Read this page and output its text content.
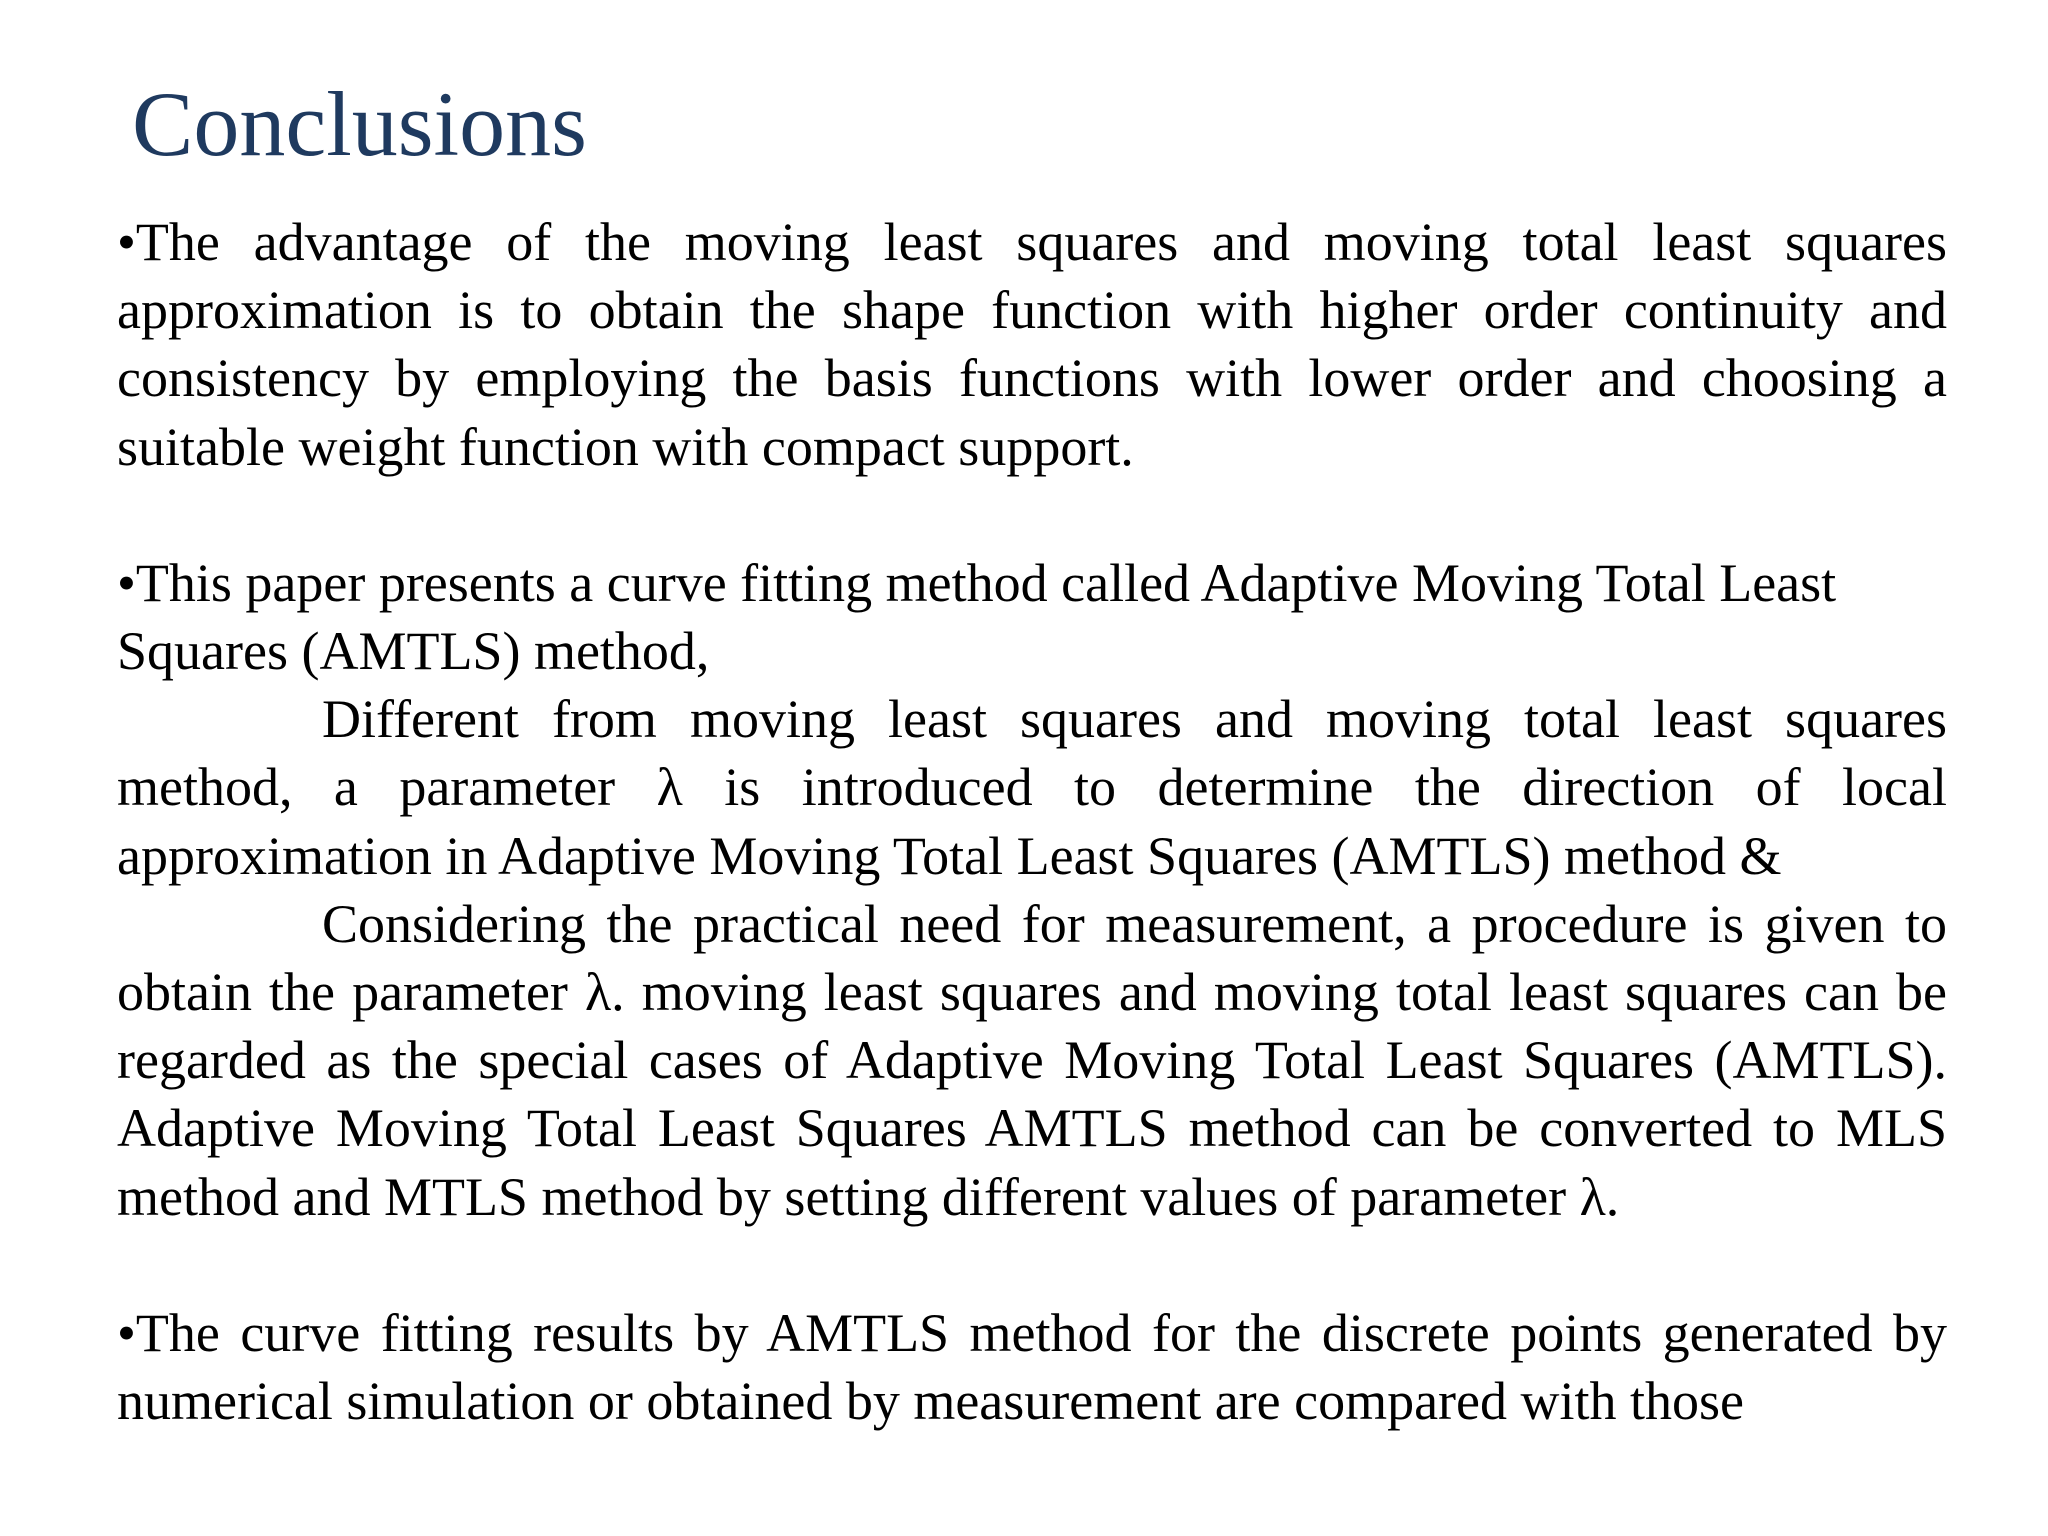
Conclusions

•The advantage of the moving least squares and moving total least squares approximation is to obtain the shape function with higher order continuity and consistency by employing the basis functions with lower order and choosing a suitable weight function with compact support.

•This paper presents a curve fitting method called Adaptive Moving Total Least Squares (AMTLS) method,

Different from moving least squares and moving total least squares method, a parameter λ is introduced to determine the direction of local approximation in Adaptive Moving Total Least Squares (AMTLS) method &

Considering the practical need for measurement, a procedure is given to obtain the parameter λ. moving least squares and moving total least squares can be regarded as the special cases of Adaptive Moving Total Least Squares (AMTLS). Adaptive Moving Total Least Squares AMTLS method can be converted to MLS method and MTLS method by setting different values of parameter λ.

•The curve fitting results by AMTLS method for the discrete points generated by numerical simulation or obtained by measurement are compared with those
